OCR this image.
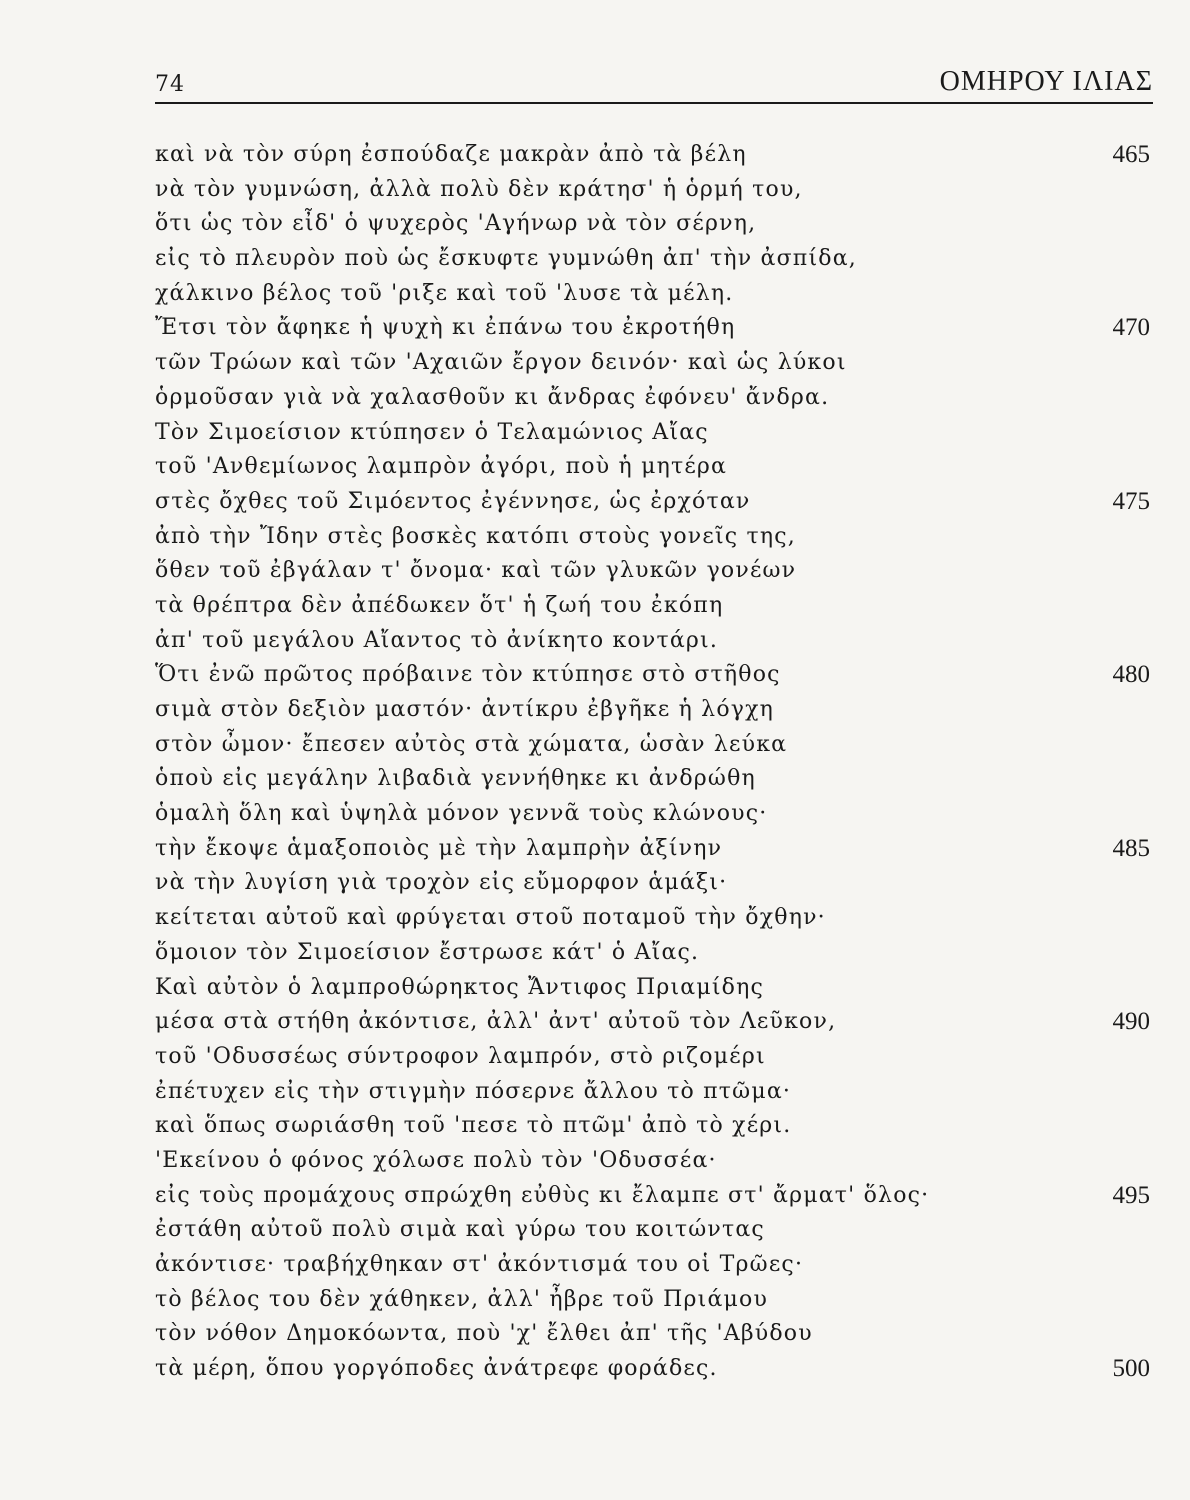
74	ΟΜΗΡΟΥ ΙΛΙΑΣ
καὶ νὰ τὸν σύρη ἐσπούδαζε μακρὰν ἀπὸ τὰ βέλη	465
νὰ τὸν γυμνώση, ἀλλὰ πολὺ δὲν κράτησ' ἡ ὁρμή του,
ὅτι ὡς τὸν εἶδ' ὁ ψυχερὸς 'Αγήνωρ νὰ τὸν σέρνη,
εἰς τὸ πλευρὸν ποὺ ὡς ἔσκυφτε γυμνώθη ἀπ' τὴν ἀσπίδα,
χάλκινο βέλος τοῦ 'ριξε καὶ τοῦ 'λυσε τὰ μέλη.
Ἔτσι τὸν ἄφηκε ἡ ψυχὴ κι ἐπάνω του ἐκροτήθη	470
τῶν Τρώων καὶ τῶν 'Αχαιῶν ἔργον δεινόν· καὶ ὡς λύκοι
ὁρμοῦσαν γιὰ νὰ χαλασθοῦν κι ἄνδρας ἐφόνευ' ἄνδρα.
Τὸν Σιμοείσιον κτύπησεν ὁ Τελαμώνιος Αἴας
τοῦ 'Ανθεμίωνος λαμπρὸν ἀγόρι, ποὺ ἡ μητέρα
στὲς ὄχθες τοῦ Σιμόεντος ἐγέννησε, ὡς ἐρχόταν	475
ἀπὸ τὴν Ἴδην στὲς βοσκὲς κατόπι στοὺς γονεῖς της,
ὅθεν τοῦ ἐβγάλαν τ' ὄνομα· καὶ τῶν γλυκῶν γονέων
τὰ θρέπτρα δὲν ἀπέδωκεν ὅτ' ἡ ζωή του ἐκόπη
ἀπ' τοῦ μεγάλου Αἴαντος τὸ ἀνίκητο κοντάρι.
Ὅτι ἐνῶ πρῶτος πρόβαινε τὸν κτύπησε στὸ στῆθος	480
σιμὰ στὸν δεξιὸν μαστόν· ἀντίκρυ ἐβγῆκε ἡ λόγχη
στὸν ὦμον· ἔπεσεν αὐτὸς στὰ χώματα, ὡσὰν λεύκα
ὁποὺ εἰς μεγάλην λιβαδιὰ γεννήθηκε κι ἀνδρώθη
ὁμαλὴ ὅλη καὶ ὑψηλὰ μόνον γεννᾶ τοὺς κλώνους·
τὴν ἔκοψε ἁμαξοποιὸς μὲ τὴν λαμπρὴν ἀξίνην	485
νὰ τὴν λυγίση γιὰ τροχὸν εἰς εὔμορφον ἁμάξι·
κείτεται αὐτοῦ καὶ φρύγεται στοῦ ποταμοῦ τὴν ὄχθην·
ὅμοιον τὸν Σιμοείσιον ἔστρωσε κάτ' ὁ Αἴας.
Καὶ αὐτὸν ὁ λαμπροθώρηκτος Ἄντιφος Πριαμίδης
μέσα στὰ στήθη ἀκόντισε, ἀλλ' ἀντ' αὐτοῦ τὸν Λεῦκον,	490
τοῦ 'Οδυσσέως σύντροφον λαμπρόν, στὸ ριζομέρι
ἐπέτυχεν εἰς τὴν στιγμὴν πόσερνε ἄλλου τὸ πτῶμα·
καὶ ὅπως σωριάσθη τοῦ 'πεσε τὸ πτῶμ' ἀπὸ τὸ χέρι.
'Εκείνου ὁ φόνος χόλωσε πολὺ τὸν 'Οδυσσέα·
εἰς τοὺς προμάχους σπρώχθη εὐθὺς κι ἔλαμπε στ' ἄρματ' ὅλος·	495
ἐστάθη αὐτοῦ πολὺ σιμὰ καὶ γύρω του κοιτώντας
ἀκόντισε· τραβήχθηκαν στ' ἀκόντισμά του οἱ Τρῶες·
τὸ βέλος του δὲν χάθηκεν, ἀλλ' ἦβρε τοῦ Πριάμου
τὸν νόθον Δημοκόωντα, ποὺ 'χ' ἔλθει ἀπ' τῆς 'Αβύδου
τὰ μέρη, ὅπου γοργόποδες ἀνάτρεφε φοράδες.	500
